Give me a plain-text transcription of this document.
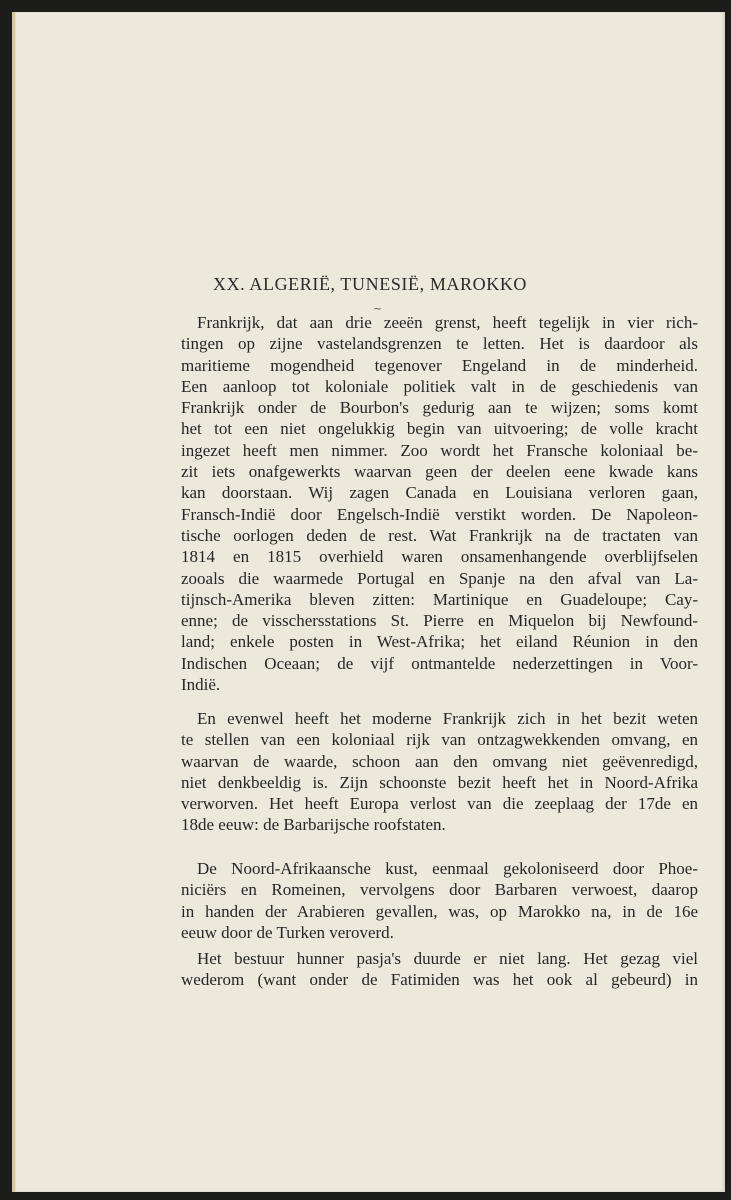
XX. ALGERIË, TUNESIË, MAROKKO
~
Frankrijk, dat aan drie zeeën grenst, heeft tegelijk in vier rich-
tingen op zijne vastelandsgrenzen te letten. Het is daardoor als
maritieme mogendheid tegenover Engeland in de minderheid.
Een aanloop tot koloniale politiek valt in de geschiedenis van
Frankrijk onder de Bourbon's gedurig aan te wijzen; soms komt
het tot een niet ongelukkig begin van uitvoering; de volle kracht
ingezet heeft men nimmer. Zoo wordt het Fransche koloniaal be-
zit iets onafgewerkts waarvan geen der deelen eene kwade kans
kan doorstaan. Wij zagen Canada en Louisiana verloren gaan,
Fransch-Indië door Engelsch-Indië verstikt worden. De Napoleon-
tische oorlogen deden de rest. Wat Frankrijk na de tractaten van
1814 en 1815 overhield waren onsamenhangende overblijfselen
zooals die waarmede Portugal en Spanje na den afval van La-
tijnsch-Amerika bleven zitten: Martinique en Guadeloupe; Cay-
enne; de visschersstations St. Pierre en Miquelon bij Newfound-
land; enkele posten in West-Afrika; het eiland Réunion in den
Indischen Oceaan; de vijf ontmantelde nederzettingen in Voor-
Indië.
En evenwel heeft het moderne Frankrijk zich in het bezit weten
te stellen van een koloniaal rijk van ontzagwekkenden omvang, en
waarvan de waarde, schoon aan den omvang niet geëvenredigd,
niet denkbeeldig is. Zijn schoonste bezit heeft het in Noord-Afrika
verworven. Het heeft Europa verlost van die zeeplaag der 17de en
18de eeuw: de Barbarijsche roofstaten.
De Noord-Afrikaansche kust, eenmaal gekoloniseerd door Phoe-
niciërs en Romeinen, vervolgens door Barbaren verwoest, daarop
in handen der Arabieren gevallen, was, op Marokko na, in de 16e
eeuw door de Turken veroverd.
Het bestuur hunner pasja's duurde er niet lang. Het gezag viel
wederom (want onder de Fatimiden was het ook al gebeurd) in
